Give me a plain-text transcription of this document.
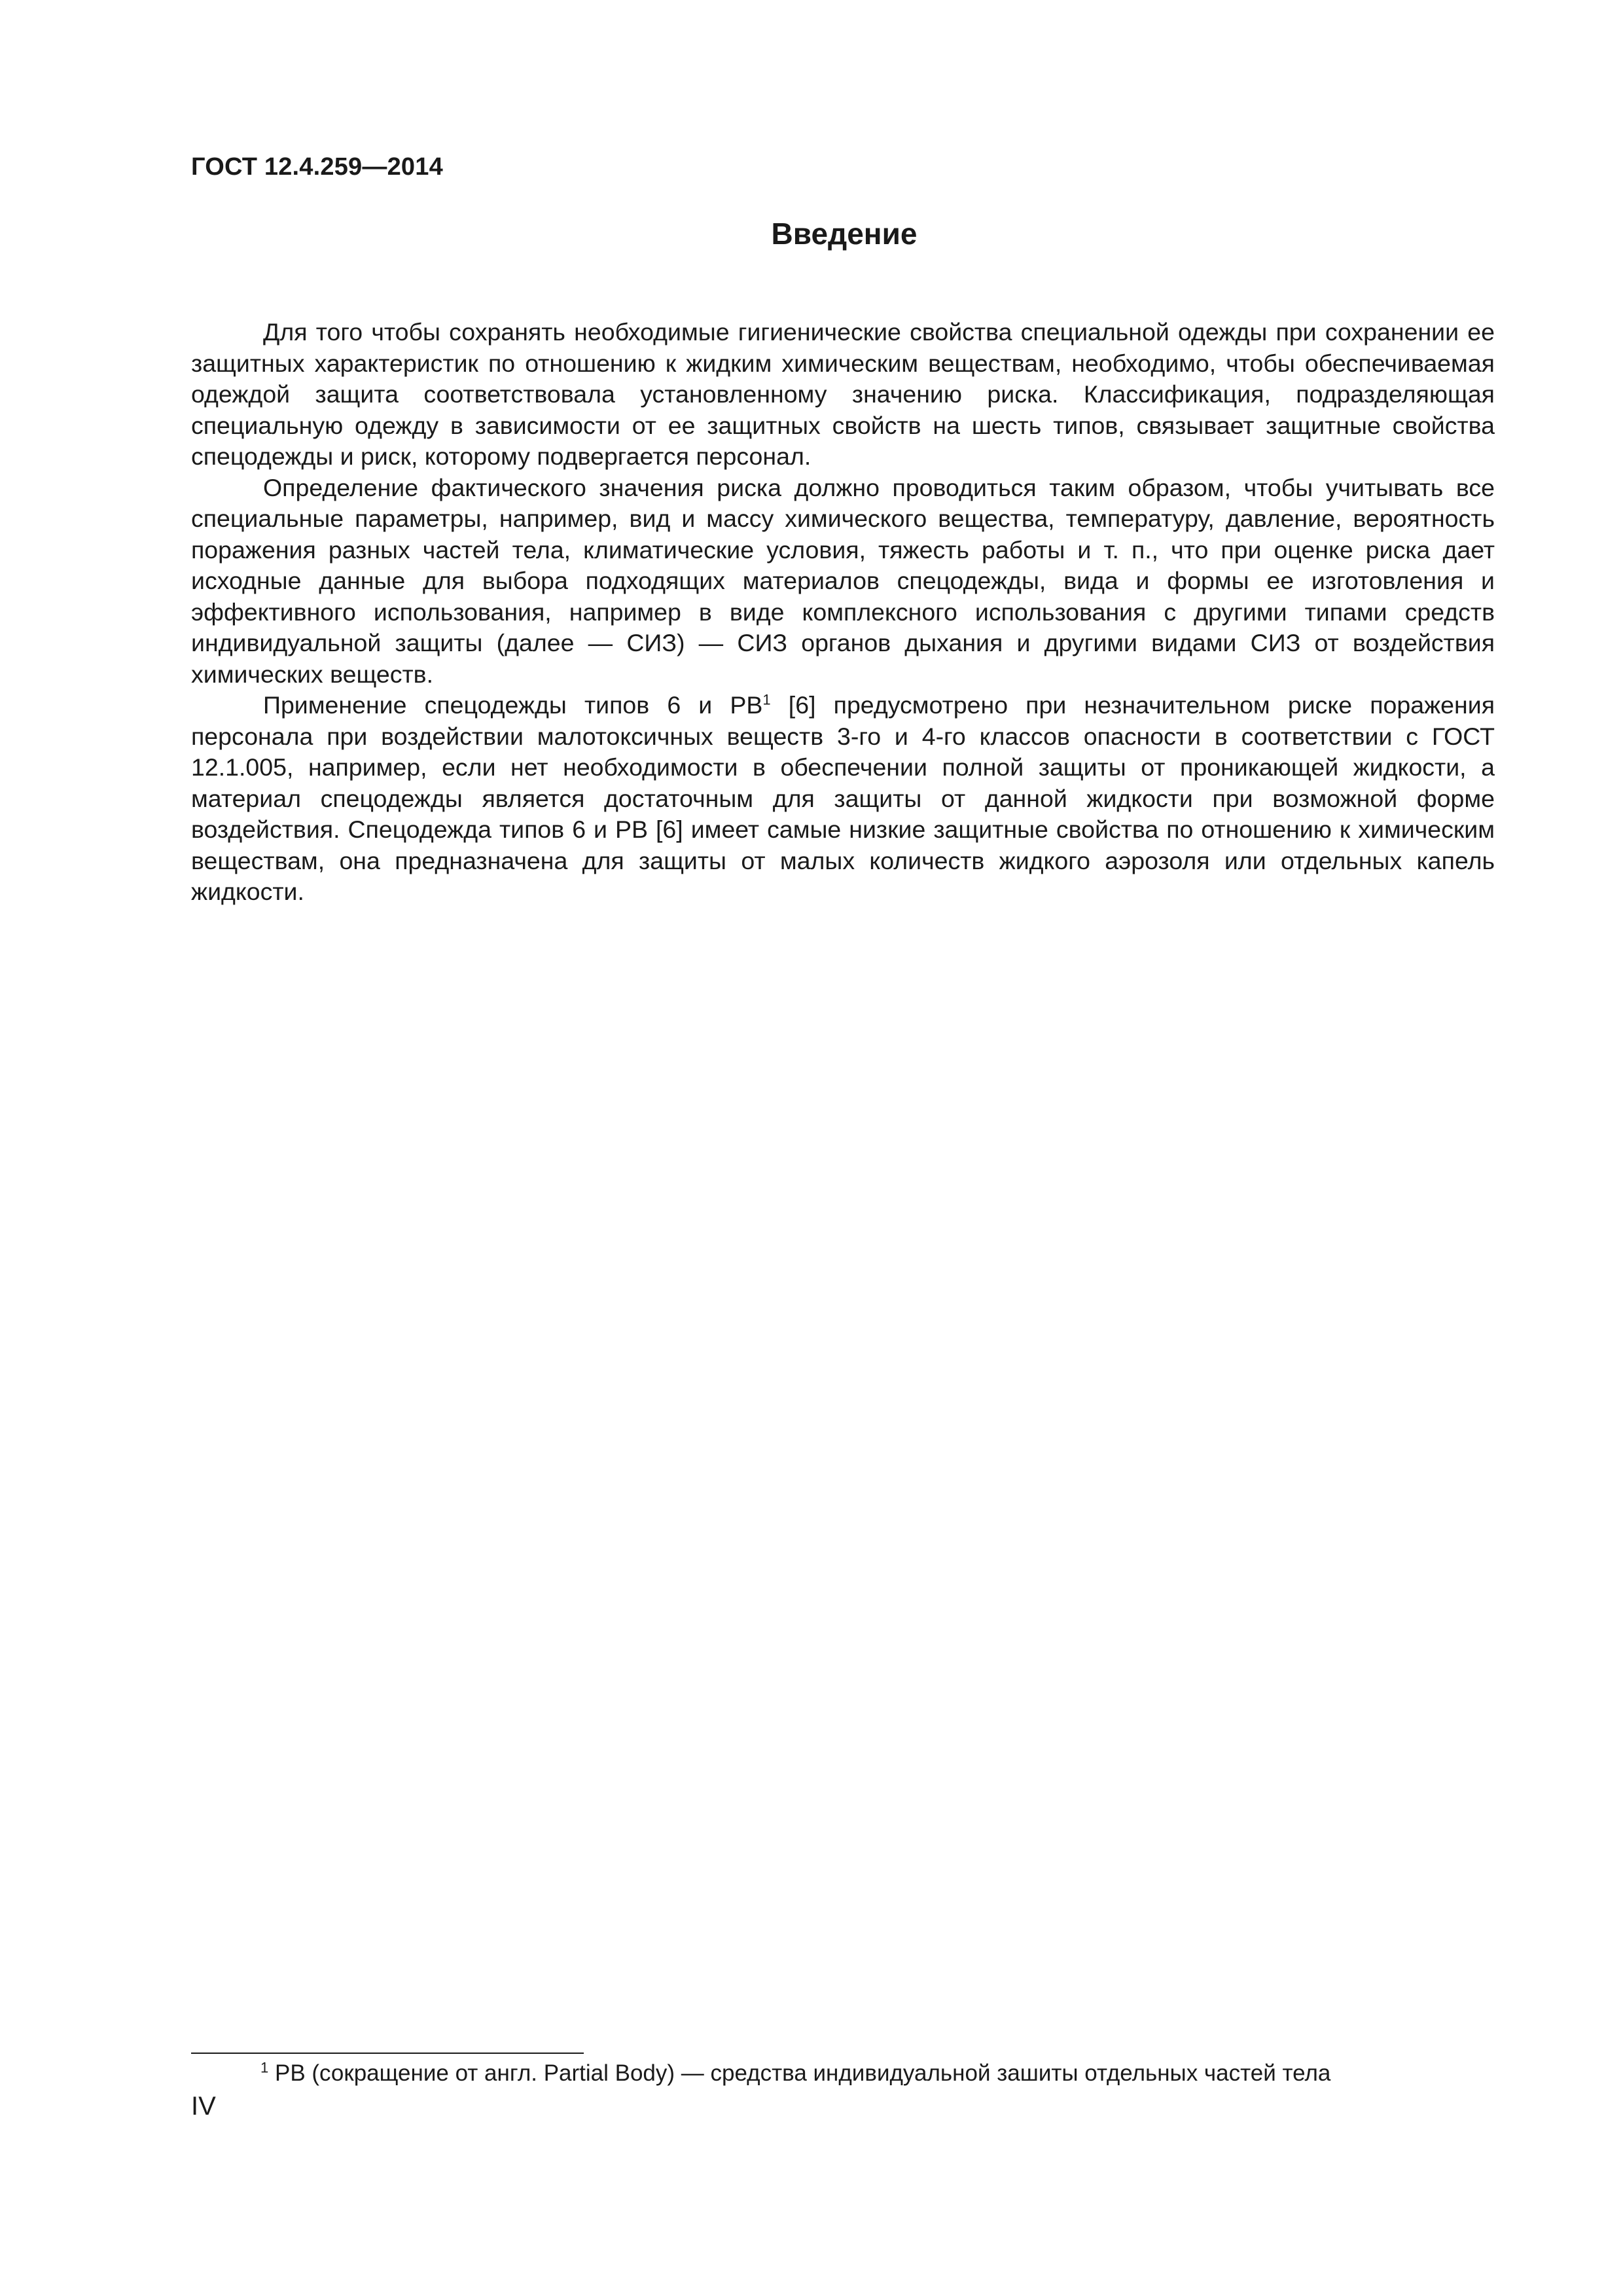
ГОСТ 12.4.259—2014
Введение

Для того чтобы сохранять необходимые гигиенические свойства специальной одежды при сохранении ее защитных характеристик по отношению к жидким химическим веществам, необходимо, чтобы обеспечиваемая одеждой защита соответствовала установленному значению риска. Классификация, подразделяющая специальную одежду в зависимости от ее защитных свойств на шесть типов, связывает защитные свойства спецодежды и риск, которому подвергается персонал.

Определение фактического значения риска должно проводиться таким образом, чтобы учитывать все специальные параметры, например, вид и массу химического вещества, температуру, давление, вероятность поражения разных частей тела, климатические условия, тяжесть работы и т. п., что при оценке риска дает исходные данные для выбора подходящих материалов спецодежды, вида и формы ее изготовления и эффективного использования, например в виде комплексного использования с другими типами средств индивидуальной защиты (далее — СИЗ) — СИЗ органов дыхания и другими видами СИЗ от воздействия химических веществ.

Применение спецодежды типов 6 и РВ$^1$ [6] предусмотрено при незначительном риске поражения персонала при воздействии малотоксичных веществ 3-го и 4-го классов опасности в соответствии с ГОСТ 12.1.005, например, если нет необходимости в обеспечении полной защиты от проникающей жидкости, а материал спецодежды является достаточным для защиты от данной жидкости при возможной форме воздействия. Спецодежда типов 6 и РВ [6] имеет самые низкие защитные свойства по отношению к химическим веществам, она предназначена для защиты от малых количеств жидкого аэрозоля или отдельных капель жидкости.

$^1$ РВ (сокращение от англ. Partial Body) — средства индивидуальной зашиты отдельных частей тела
IV
